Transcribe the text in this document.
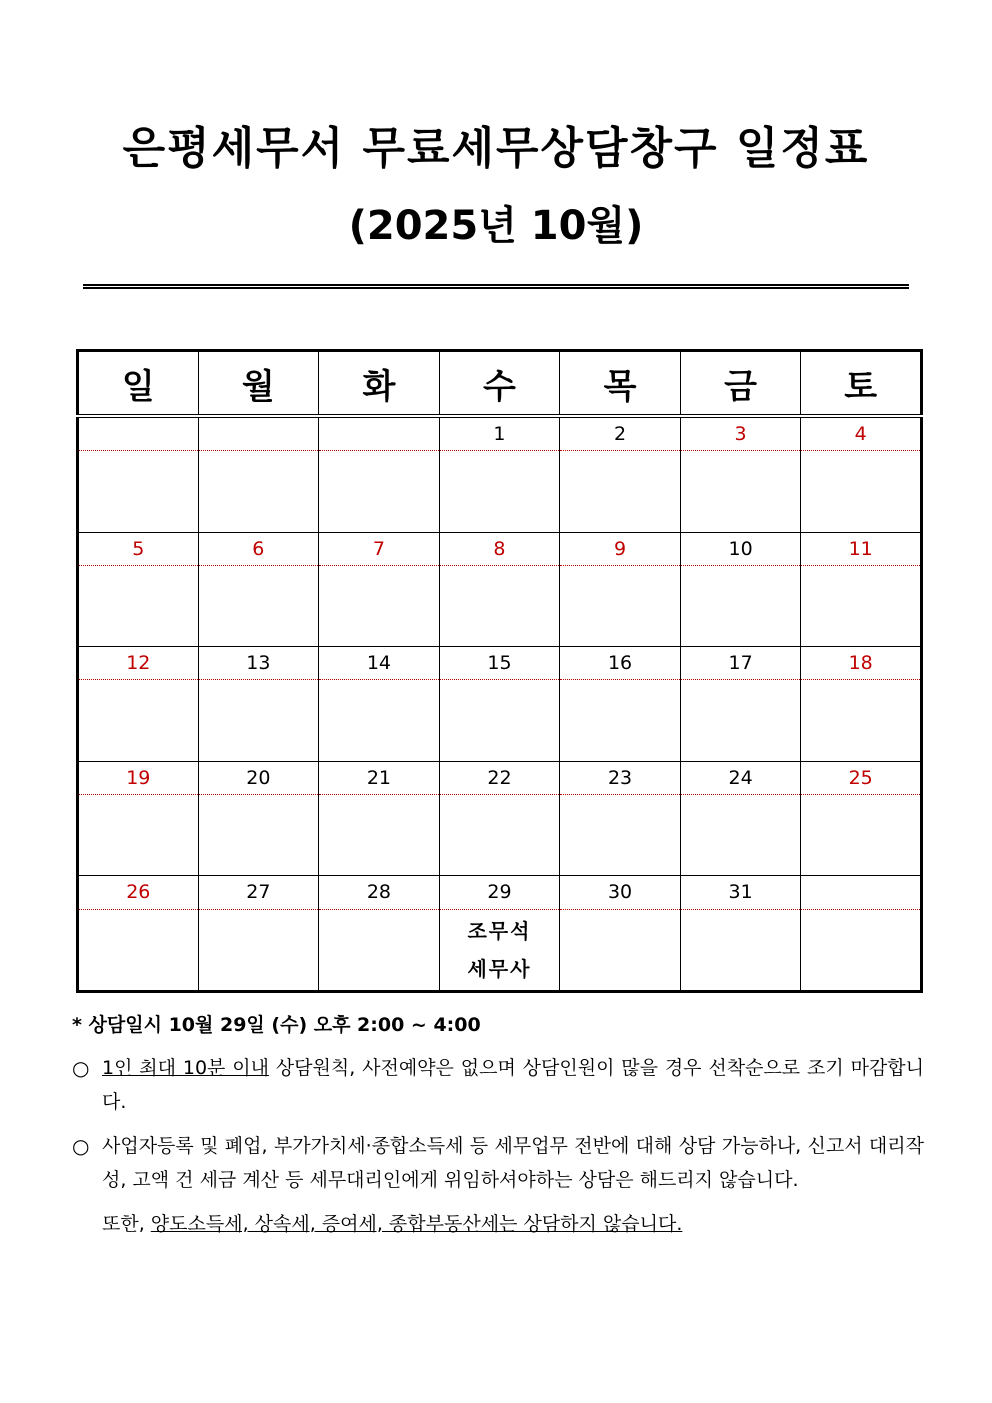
은평세무서 무료세무상담창구 일정표
(2025년 10월)
일	월	화	수	목	금	토
			1	2	3	4

5	6	7	8	9	10	11

12	13	14	15	16	17	18

19	20	21	22	23	24	25

26	27	28	29	30	31	

			조무석
세무사			

* 상담일시 10월 29일 (수) 오후 2:00 ~ 4:00
○ 1인 최대 10분 이내 상담원칙, 사전예약은 없으며 상담인원이 많을 경우 선착순으로 조기 마감합니다.
○ 사업자등록 및 폐업, 부가가치세·종합소득세 등 세무업무 전반에 대해 상담 가능하나, 신고서 대리작성, 고액 건 세금 계산 등 세무대리인에게 위임하셔야하는 상담은 해드리지 않습니다.
또한, 양도소득세, 상속세, 증여세, 종합부동산세는 상담하지 않습니다.
